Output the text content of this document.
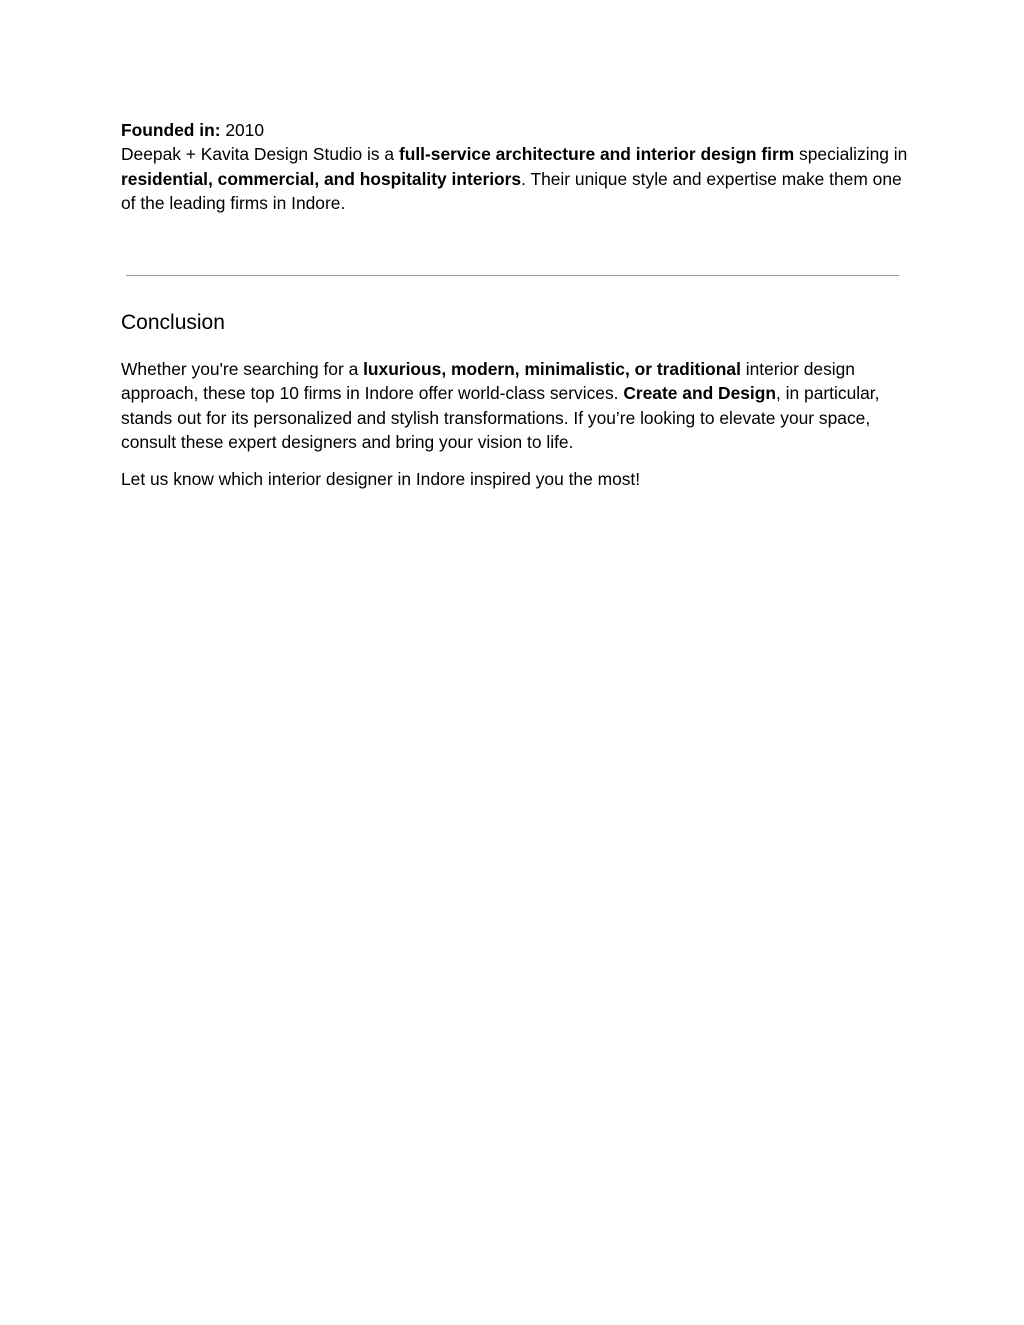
Founded in: 2010

Deepak + Kavita Design Studio is a full-service architecture and interior design firm specializing in residential, commercial, and hospitality interiors. Their unique style and expertise make them one of the leading firms in Indore.

Conclusion

Whether you're searching for a luxurious, modern, minimalistic, or traditional interior design approach, these top 10 firms in Indore offer world-class services. Create and Design, in particular, stands out for its personalized and stylish transformations. If you’re looking to elevate your space, consult these expert designers and bring your vision to life.

Let us know which interior designer in Indore inspired you the most!
